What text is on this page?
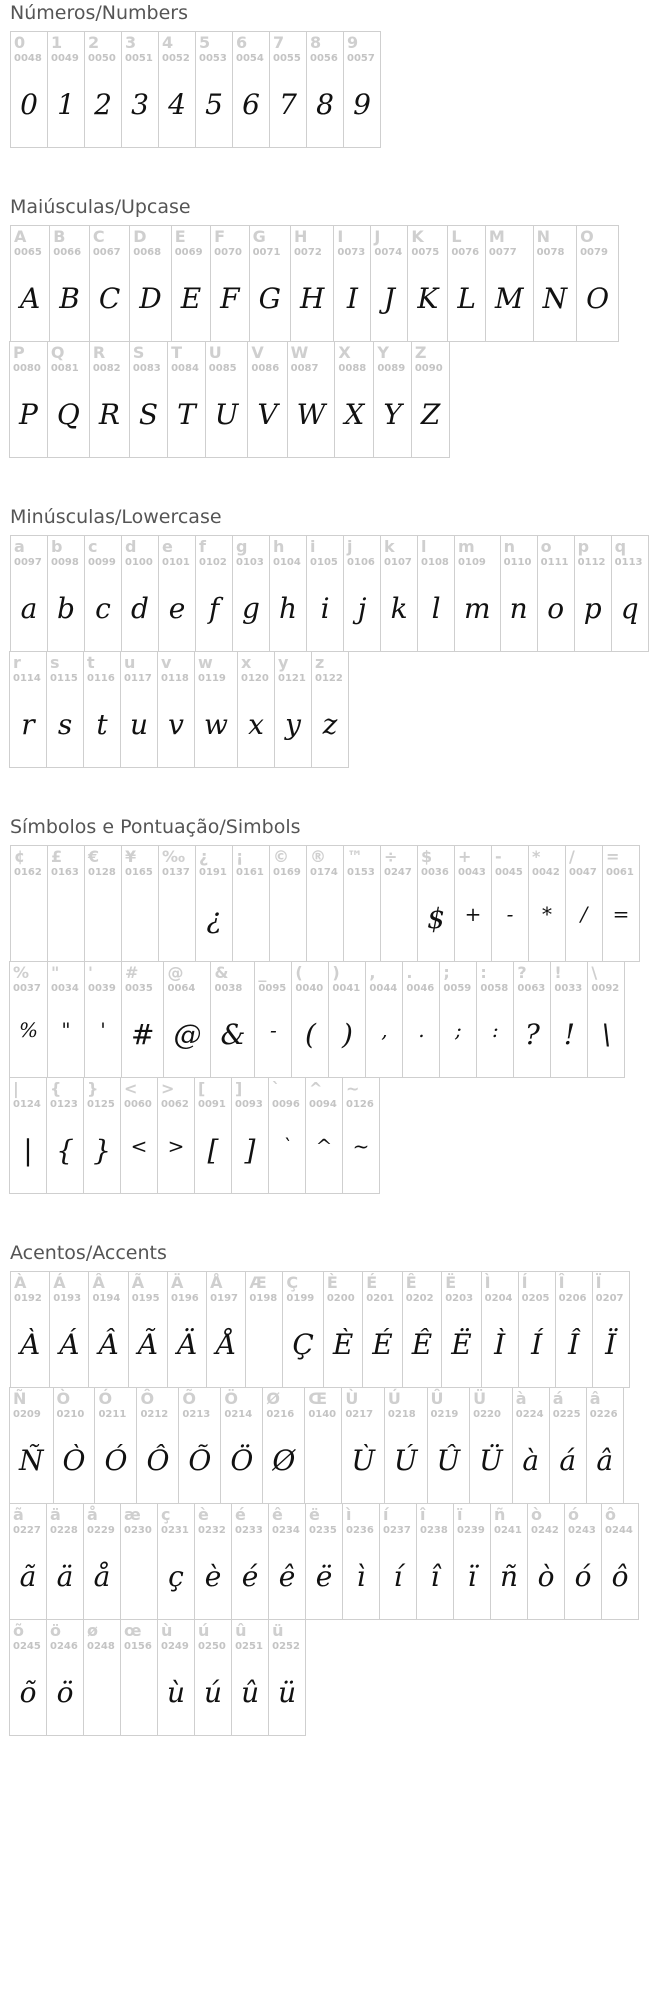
Números/Numbers
0
0048
0
1
0049
1
2
0050
2
3
0051
3
4
0052
4
5
0053
5
6
0054
6
7
0055
7
8
0056
8
9
0057
9
Maiúsculas/Upcase
A
0065
A
B
0066
B
C
0067
C
D
0068
D
E
0069
E
F
0070
F
G
0071
G
H
0072
H
I
0073
I
J
0074
J
K
0075
K
L
0076
L
M
0077
M
N
0078
N
O
0079
O
P
0080
P
Q
0081
Q
R
0082
R
S
0083
S
T
0084
T
U
0085
U
V
0086
V
W
0087
W
X
0088
X
Y
0089
Y
Z
0090
Z
Minúsculas/Lowercase
a
0097
a
b
0098
b
c
0099
c
d
0100
d
e
0101
e
f
0102
f
g
0103
g
h
0104
h
i
0105
i
j
0106
j
k
0107
k
l
0108
l
m
0109
m
n
0110
n
o
0111
o
p
0112
p
q
0113
q
r
0114
r
s
0115
s
t
0116
t
u
0117
u
v
0118
v
w
0119
w
x
0120
x
y
0121
y
z
0122
z
Símbolos e Pontuação/Simbols
¢
0162

£
0163

€
0128

¥
0165

‰
0137

¿
0191
¿
¡
0161

©
0169

®
0174

™
0153

÷
0247

$
0036
$
+
0043
+
-
0045
-
*
0042
*
/
0047
/
=
0061
=
%
0037
%
"
0034
"
'
0039
'
#
0035
#
@
0064
@
&
0038
&
_
0095
-
(
0040
(
)
0041
)
,
0044
,
.
0046
.
;
0059
;
:
0058
:
?
0063
?
!
0033
!
\
0092
\
|
0124
|
{
0123
{
}
0125
}
<
0060
<
>
0062
>
[
0091
[
]
0093
]
`
0096
`
^
0094
^
~
0126
~
Acentos/Accents
À
0192
À
Á
0193
Á
Â
0194
Â
Ã
0195
Ã
Ä
0196
Ä
Å
0197
Å
Æ
0198

Ç
0199
Ç
È
0200
È
É
0201
É
Ê
0202
Ê
Ë
0203
Ë
Ì
0204
Ì
Í
0205
Í
Î
0206
Î
Ï
0207
Ï
Ñ
0209
Ñ
Ò
0210
Ò
Ó
0211
Ó
Ô
0212
Ô
Õ
0213
Õ
Ö
0214
Ö
Ø
0216
Ø
Œ
0140

Ù
0217
Ù
Ú
0218
Ú
Û
0219
Û
Ü
0220
Ü
à
0224
à
á
0225
á
â
0226
â
ã
0227
ã
ä
0228
ä
å
0229
å
æ
0230

ç
0231
ç
è
0232
è
é
0233
é
ê
0234
ê
ë
0235
ë
ì
0236
ì
í
0237
í
î
0238
î
ï
0239
ï
ñ
0241
ñ
ò
0242
ò
ó
0243
ó
ô
0244
ô
õ
0245
õ
ö
0246
ö
ø
0248

œ
0156

ù
0249
ù
ú
0250
ú
û
0251
û
ü
0252
ü
